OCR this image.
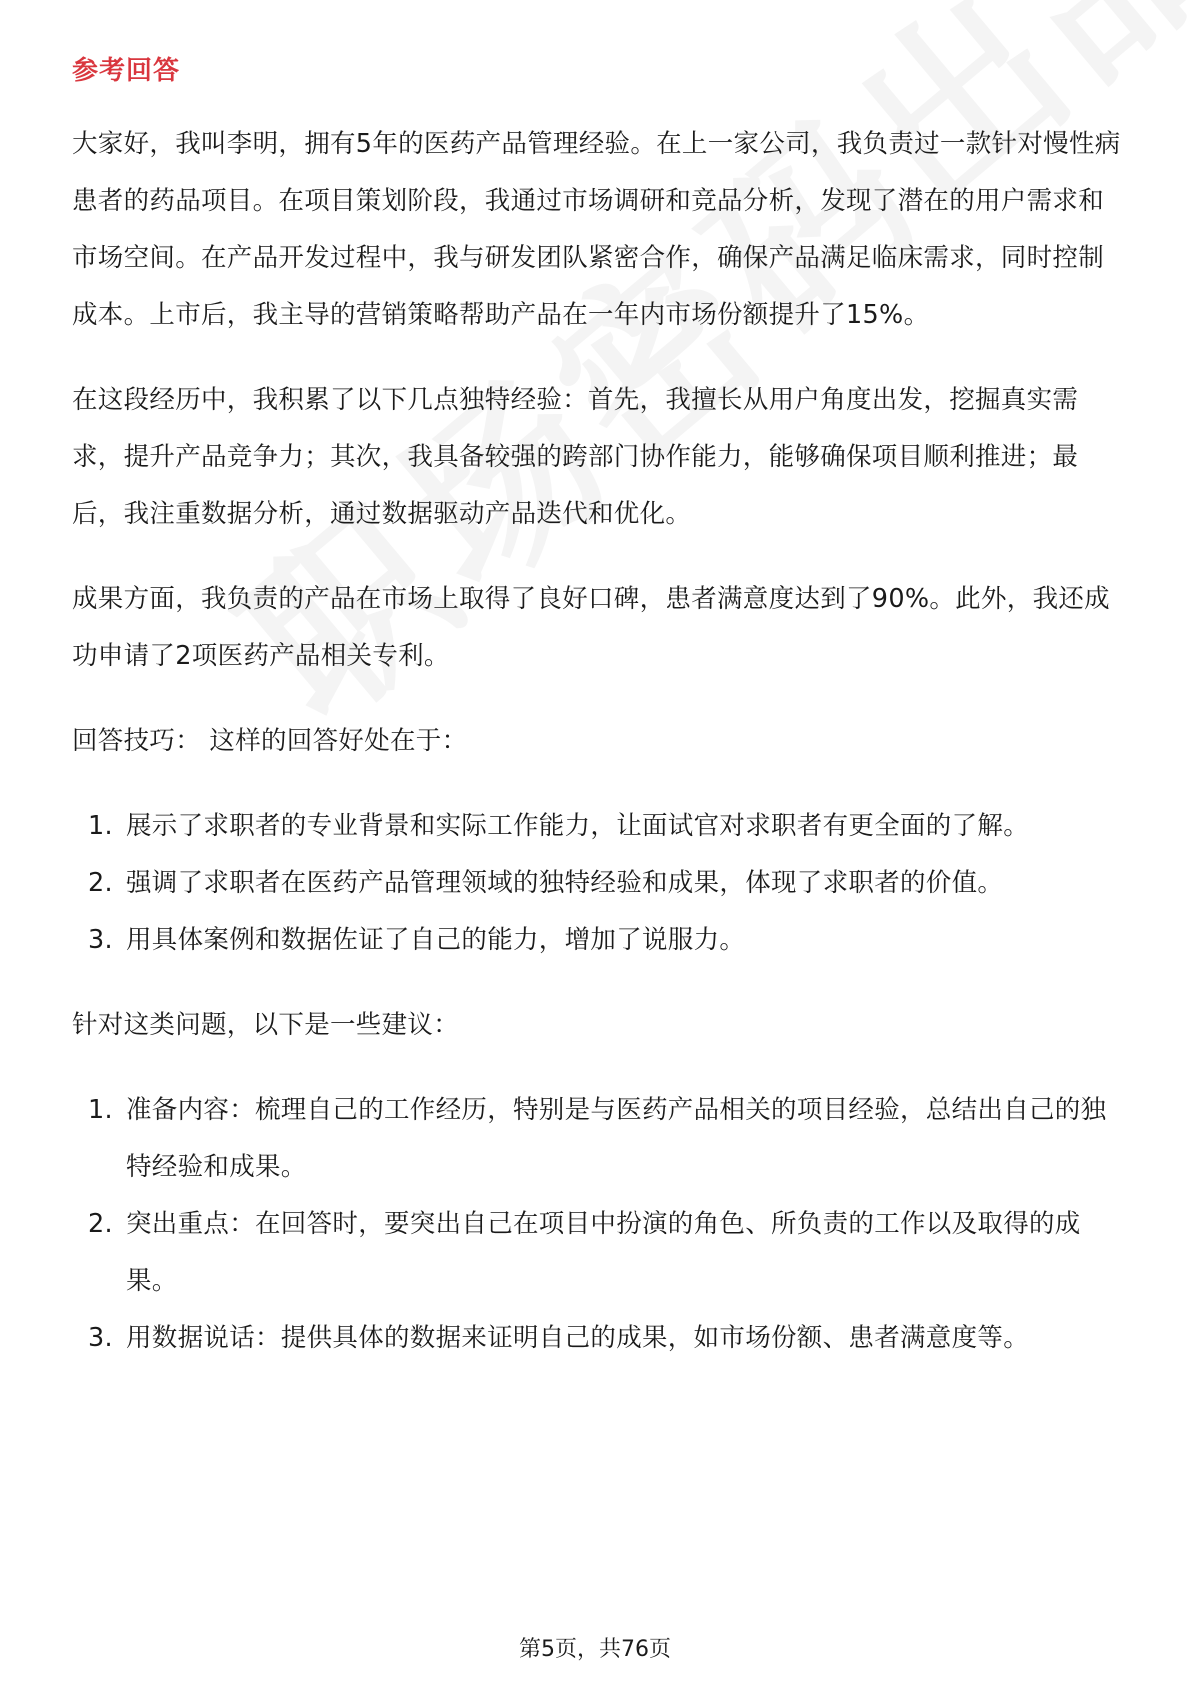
参考回答

大家好，我叫李明，拥有5年的医药产品管理经验。在上一家公司，我负责过一款针对慢性病患者的药品项目。在项目策划阶段，我通过市场调研和竞品分析，发现了潜在的用户需求和市场空间。在产品开发过程中，我与研发团队紧密合作，确保产品满足临床需求，同时控制成本。上市后，我主导的营销策略帮助产品在一年内市场份额提升了15%。

在这段经历中，我积累了以下几点独特经验：首先，我擅长从用户角度出发，挖掘真实需求，提升产品竞争力；其次，我具备较强的跨部门协作能力，能够确保项目顺利推进；最后，我注重数据分析，通过数据驱动产品迭代和优化。

成果方面，我负责的产品在市场上取得了良好口碑，患者满意度达到了90%。此外，我还成功申请了2项医药产品相关专利。

回答技巧： 这样的回答好处在于：

1. 展示了求职者的专业背景和实际工作能力，让面试官对求职者有更全面的了解。
2. 强调了求职者在医药产品管理领域的独特经验和成果，体现了求职者的价值。
3. 用具体案例和数据佐证了自己的能力，增加了说服力。

针对这类问题，以下是一些建议：

1. 准备内容：梳理自己的工作经历，特别是与医药产品相关的项目经验，总结出自己的独特经验和成果。
2. 突出重点：在回答时，要突出自己在项目中扮演的角色、所负责的工作以及取得的成果。
3. 用数据说话：提供具体的数据来证明自己的成果，如市场份额、患者满意度等。
第5页，共76页
